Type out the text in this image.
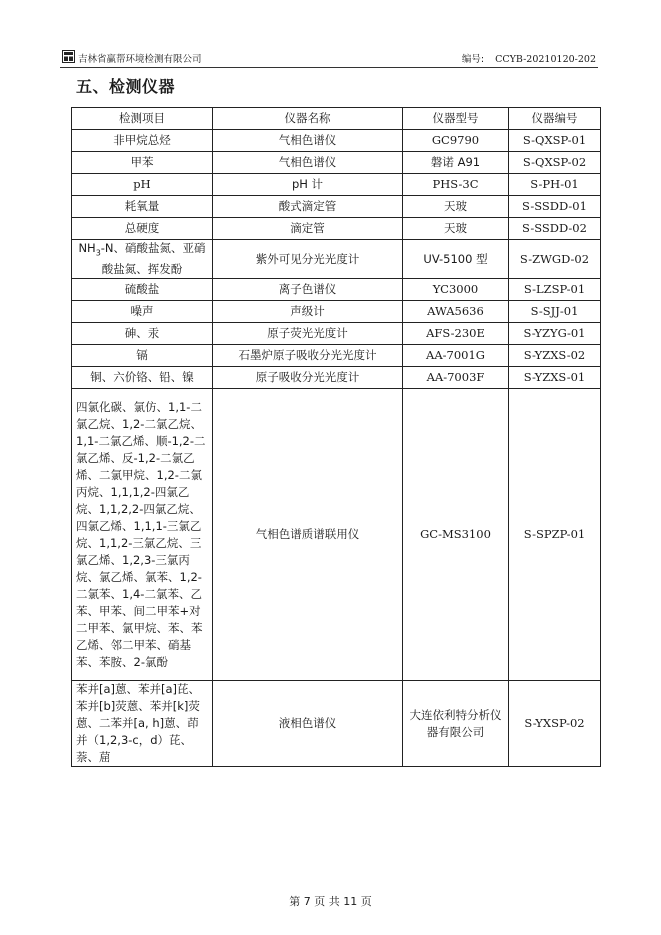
吉林省赢帮环境检测有限公司	编号: CCYB-20210120-202
五、检测仪器
检测项目	仪器名称	仪器型号	仪器编号
非甲烷总烃	气相色谱仪	GC9790	S-QXSP-01
甲苯	气相色谱仪	磐诺 A91	S-QXSP-02
pH	pH 计	PHS-3C	S-PH-01
耗氧量	酸式滴定管	天玻	S-SSDD-01
总硬度	滴定管	天玻	S-SSDD-02
$NH_3-N$、硝酸盐氮、亚硝酸盐氮、挥发酚	紫外可见分光光度计	UV-5100 型	S-ZWGD-02
硫酸盐	离子色谱仪	YC3000	S-LZSP-01
噪声	声级计	AWA5636	S-SJJ-01
砷、汞	原子荧光光度计	AFS-230E	S-YZYG-01
镉	石墨炉原子吸收分光光度计	AA-7001G	S-YZXS-02
铜、六价铬、铅、镍	原子吸收分光光度计	AA-7003F	S-YZXS-01
四氯化碳、氯仿、1,1-二氯乙烷、1,2-二氯乙烷、1,1-二氯乙烯、顺-1,2-二氯乙烯、反-1,2-二氯乙烯、二氯甲烷、1,2-二氯丙烷、1,1,1,2-四氯乙烷、1,1,2,2-四氯乙烷、四氯乙烯、1,1,1-三氯乙烷、1,1,2-三氯乙烷、三氯乙烯、1,2,3-三氯丙烷、氯乙烯、氯苯、1,2-二氯苯、1,4-二氯苯、乙苯、甲苯、间二甲苯+对二甲苯、氯甲烷、苯、苯乙烯、邻二甲苯、硝基苯、苯胺、2-氯酚	气相色谱质谱联用仪	GC-MS3100	S-SPZP-01
苯并[a]蒽、苯并[a]芘、苯并[b]荧蒽、苯并[k]荧蒽、二苯并[a, h]蒽、茚并（1,2,3-c，d）芘、萘、䓛	液相色谱仪	大连依利特分析仪器有限公司	S-YXSP-02
第 7 页 共 11 页
